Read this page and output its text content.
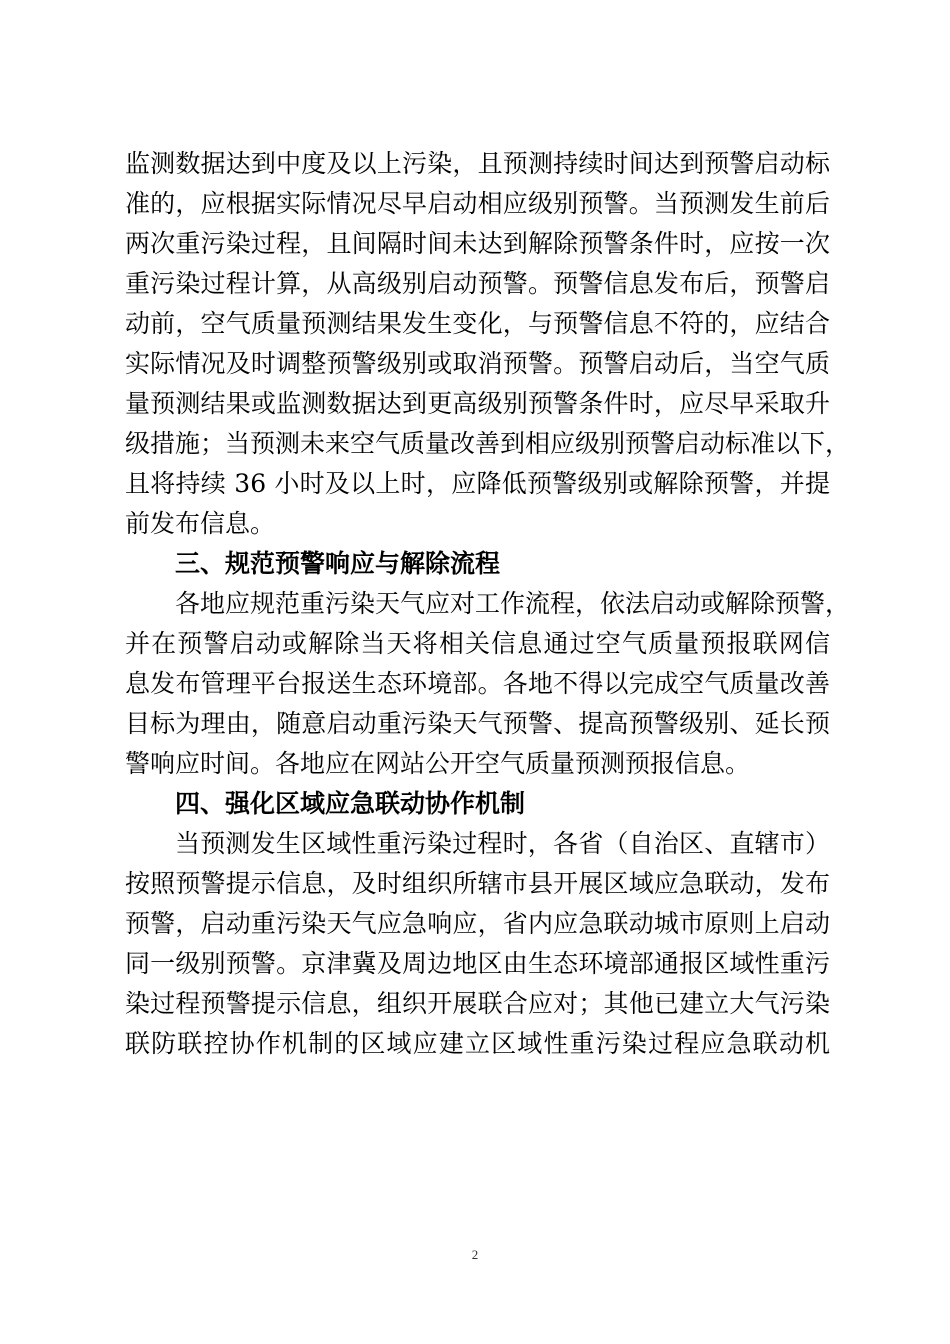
监测数据达到中度及以上污染，且预测持续时间达到预警启动标
准的，应根据实际情况尽早启动相应级别预警。当预测发生前后
两次重污染过程，且间隔时间未达到解除预警条件时，应按一次
重污染过程计算，从高级别启动预警。预警信息发布后，预警启
动前，空气质量预测结果发生变化，与预警信息不符的，应结合
实际情况及时调整预警级别或取消预警。预警启动后，当空气质
量预测结果或监测数据达到更高级别预警条件时，应尽早采取升
级措施；当预测未来空气质量改善到相应级别预警启动标准以下，
且将持续 36 小时及以上时，应降低预警级别或解除预警，并提
前发布信息。
三、规范预警响应与解除流程
各地应规范重污染天气应对工作流程，依法启动或解除预警，
并在预警启动或解除当天将相关信息通过空气质量预报联网信
息发布管理平台报送生态环境部。各地不得以完成空气质量改善
目标为理由，随意启动重污染天气预警、提高预警级别、延长预
警响应时间。各地应在网站公开空气质量预测预报信息。
四、强化区域应急联动协作机制
当预测发生区域性重污染过程时，各省（自治区、直辖市）
按照预警提示信息，及时组织所辖市县开展区域应急联动，发布
预警，启动重污染天气应急响应，省内应急联动城市原则上启动
同一级别预警。京津冀及周边地区由生态环境部通报区域性重污
染过程预警提示信息，组织开展联合应对；其他已建立大气污染
联防联控协作机制的区域应建立区域性重污染过程应急联动机
2
